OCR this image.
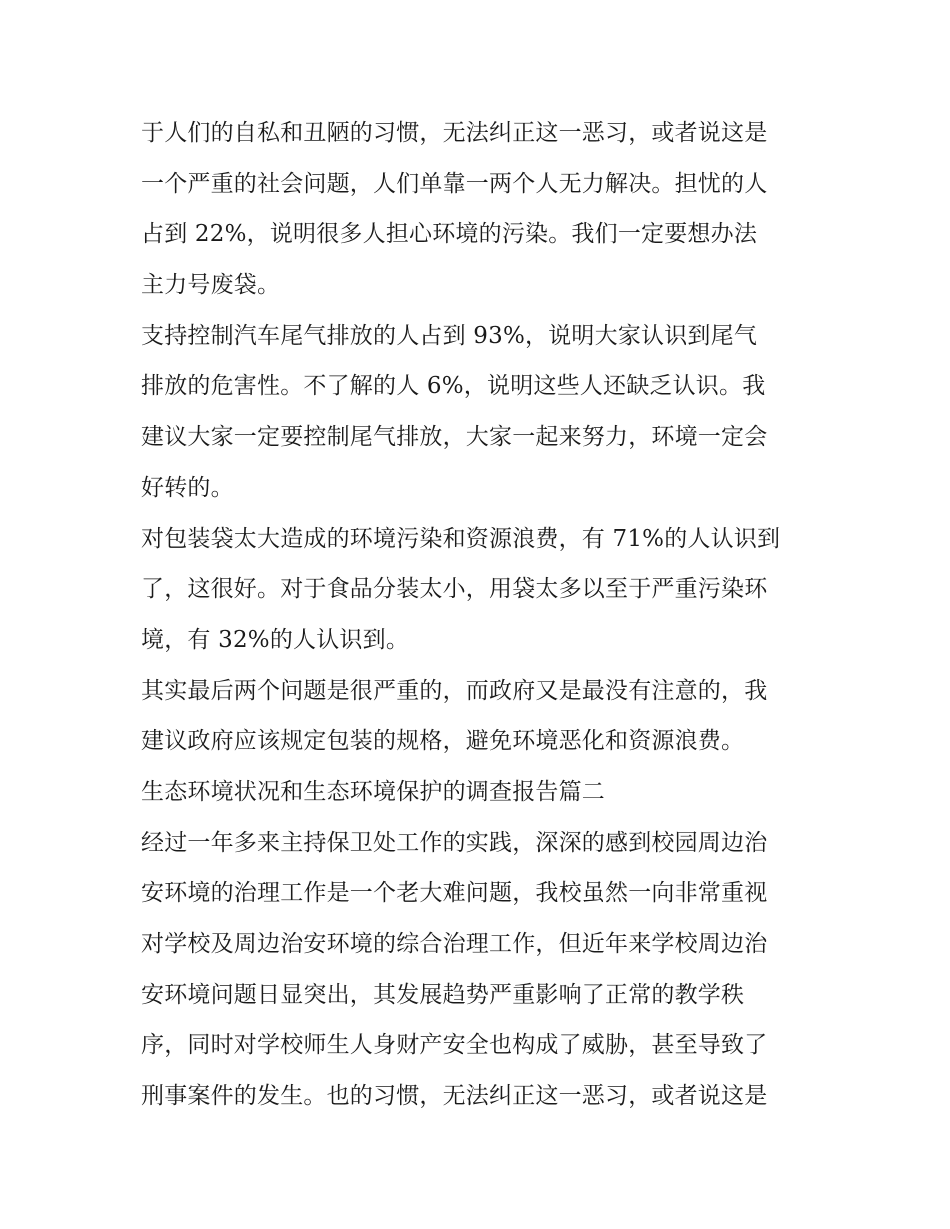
于人们的自私和丑陋的习惯，无法纠正这一恶习，或者说这是
一个严重的社会问题，人们单靠一两个人无力解决。担忧的人
占到 22%，说明很多人担心环境的污染。我们一定要想办法
主力号废袋。
支持控制汽车尾气排放的人占到 93%，说明大家认识到尾气
排放的危害性。不了解的人 6%，说明这些人还缺乏认识。我
建议大家一定要控制尾气排放，大家一起来努力，环境一定会
好转的。
对包装袋太大造成的环境污染和资源浪费，有 71%的人认识到
了，这很好。对于食品分装太小，用袋太多以至于严重污染环
境，有 32%的人认识到。
其实最后两个问题是很严重的，而政府又是最没有注意的，我
建议政府应该规定包装的规格，避免环境恶化和资源浪费。
生态环境状况和生态环境保护的调查报告篇二
经过一年多来主持保卫处工作的实践，深深的感到校园周边治
安环境的治理工作是一个老大难问题，我校虽然一向非常重视
对学校及周边治安环境的综合治理工作，但近年来学校周边治
安环境问题日显突出，其发展趋势严重影响了正常的教学秩
序，同时对学校师生人身财产安全也构成了威胁，甚至导致了
刑事案件的发生。也的习惯，无法纠正这一恶习，或者说这是
